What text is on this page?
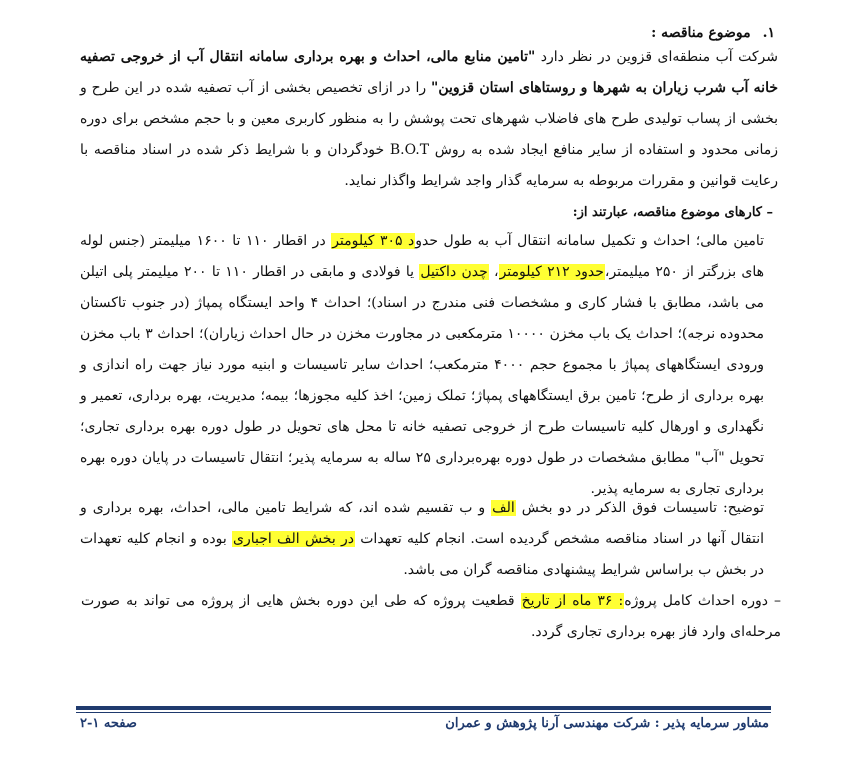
۱.موضوع مناقصه :
شرکت آب منطقه‌ای قزوین در نظر دارد "تامین منابع مالی، احداث و بهره برداری سامانه انتقال آب از خروجی تصفیه خانه آب شرب زیاران به شهرها و روستاهای استان قزوین" را در ازای تخصیص بخشی از آب تصفیه شده در این طرح و بخشی از پساب تولیدی طرح های فاضلاب شهرهای تحت پوشش را به منظور کاربری معین و با حجم مشخص برای دوره زمانی محدود و استفاده از سایر منافع ایجاد شده به روش B.O.T خودگردان و با شرایط ذکر شده در اسناد مناقصه با رعایت قوانین و مقررات مربوطه به سرمایه گذار واجد شرایط واگذار نماید.
– کارهای موضوع مناقصه، عبارتند از:
تامین مالی؛ احداث و تکمیل سامانه انتقال آب به طول حدود ۳۰۵ کیلومتر در اقطار ۱۱۰ تا ۱۶۰۰ میلیمتر (جنس لوله های بزرگتر از ۲۵۰ میلیمتر،حدود ۲۱۲ کیلومتر، چدن داکتیل یا فولادی و مابقی در اقطار ۱۱۰ تا ۲۰۰ میلیمتر پلی اتیلن می باشد، مطابق با فشار کاری و مشخصات فنی مندرج در اسناد)؛ احداث ۴ واحد ایستگاه پمپاژ (در جنوب تاکستان محدوده نرجه)؛ احداث یک باب مخزن ۱۰۰۰۰ مترمکعبی در مجاورت مخزن در حال احداث زیاران)؛ احداث ۳ باب مخزن ورودی ایستگاههای پمپاژ با مجموع حجم ۴۰۰۰ مترمکعب؛ احداث سایر تاسیسات و ابنیه مورد نیاز جهت راه اندازی و بهره برداری از طرح؛ تامین برق ایستگاههای پمپاژ؛ تملک زمین؛ اخذ کلیه مجوزها؛ بیمه؛ مدیریت، بهره برداری، تعمیر و نگهداری و اورهال کلیه تاسیسات طرح از خروجی تصفیه خانه تا محل های تحویل در طول دوره بهره برداری تجاری؛ تحویل "آب" مطابق مشخصات در طول دوره بهره‌برداری ۲۵ ساله به سرمایه پذیر؛ انتقال تاسیسات در پایان دوره بهره برداری تجاری به سرمایه پذیر.
توضیح: تاسیسات فوق الذکر در دو بخش الف و ب تقسیم شده اند، که شرایط تامین مالی، احداث، بهره برداری و انتقال آنها در اسناد مناقصه مشخص گردیده است. انجام کلیه تعهدات در بخش الف اجباری بوده و انجام کلیه تعهدات در بخش ب براساس شرایط پیشنهادی مناقصه گران می باشد.
– دوره احداث کامل پروژه: ۳۶ ماه از تاریخ قطعیت پروژه که طی این دوره بخش هایی از پروژه می تواند به صورت مرحله‌ای وارد فاز بهره برداری تجاری گردد.
مشاور سرمایه پذیر : شرکت مهندسی آرنا پژوهش و عمران
صفحه ۱-۲
